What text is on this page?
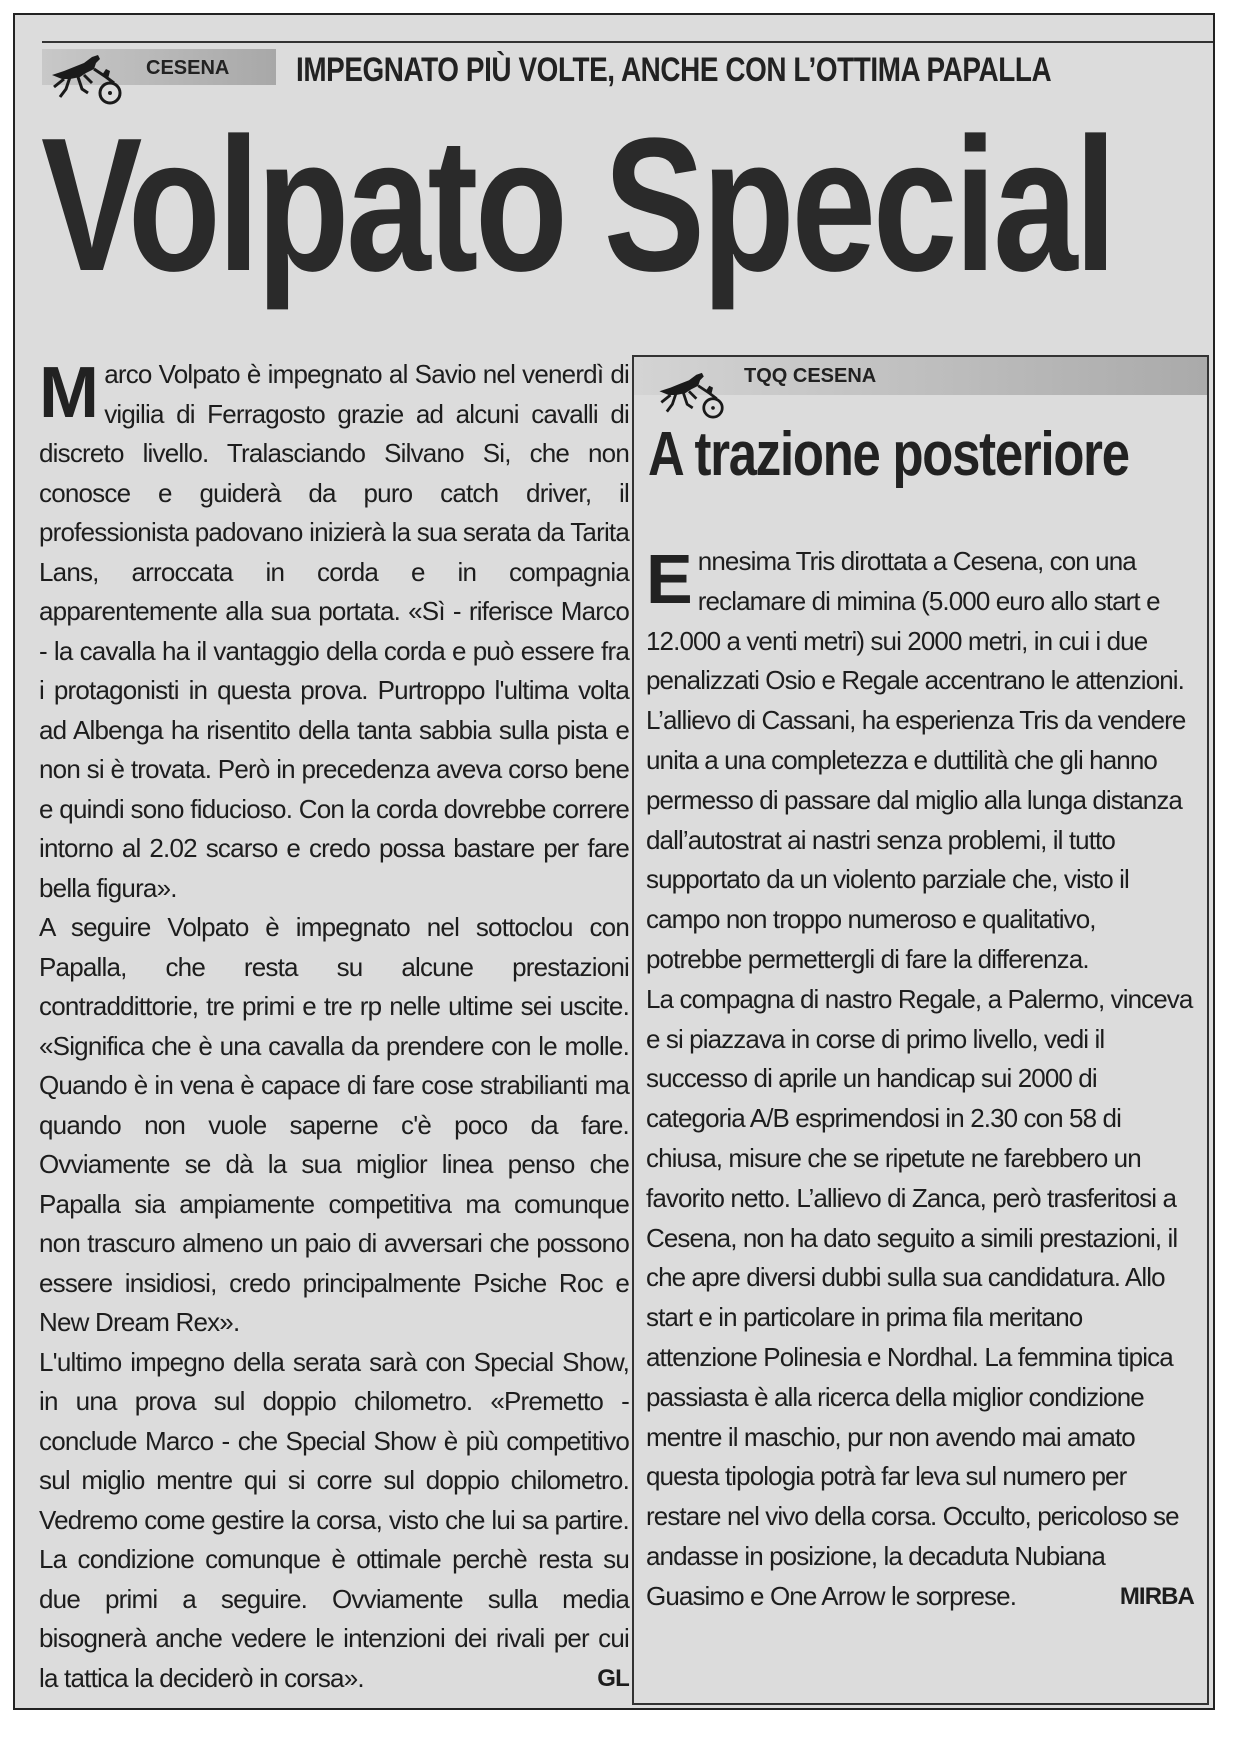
CESENA IMPEGNATO PIÙ VOLTE, ANCHE CON L’OTTIMA PAPALLA
Volpato Special

Marco Volpato è impegnato al Savio nel venerdì di vigilia di Ferragosto grazie ad alcuni cavalli di discreto livello. Tralasciando Silvano Si, che non conosce e guiderà da puro catch driver, il professionista padovano inizierà la sua serata da Tarita Lans, arroccata in corda e in compagnia apparentemente alla sua portata. «Sì - riferisce Marco - la cavalla ha il vantaggio della corda e può essere fra i protagonisti in questa prova. Purtroppo l'ultima volta ad Albenga ha risentito della tanta sabbia sulla pista e non si è trovata. Però in precedenza aveva corso bene e quindi sono fiducioso. Con la corda dovrebbe correre intorno al 2.02 scarso e credo possa bastare per fare bella figura».

A seguire Volpato è impegnato nel sottoclou con Papalla, che resta su alcune prestazioni contraddittorie, tre primi e tre rp nelle ultime sei uscite. «Significa che è una cavalla da prendere con le molle. Quando è in vena è capace di fare cose strabilianti ma quando non vuole saperne c'è poco da fare. Ovviamente se dà la sua miglior linea penso che Papalla sia ampiamente competitiva ma comunque non trascuro almeno un paio di avversari che possono essere insidiosi, credo principalmente Psiche Roc e New Dream Rex».

L'ultimo impegno della serata sarà con Special Show, in una prova sul doppio chilometro. «Premetto - conclude Marco - che Special Show è più competitivo sul miglio mentre qui si corre sul doppio chilometro. Vedremo come gestire la corsa, visto che lui sa partire. La condizione comunque è ottimale perchè resta su due primi a seguire. Ovviamente sulla media bisognerà anche vedere le intenzioni dei rivali per cui la tattica la deciderò in corsa».	GL

TQQ CESENA
A trazione posteriore

Ennesima Tris dirottata a Cesena, con una reclamare di mimina (5.000 euro allo start e 12.000 a venti metri) sui 2000 metri, in cui i due penalizzati Osio e Regale accentrano le attenzioni. L’allievo di Cassani, ha esperienza Tris da vendere unita a una completezza e duttilità che gli hanno permesso di passare dal miglio alla lunga distanza dall’autostrat ai nastri senza problemi, il tutto supportato da un violento parziale che, visto il campo non troppo numeroso e qualitativo, potrebbe permettergli di fare la differenza.

La compagna di nastro Regale, a Palermo, vinceva e si piazzava in corse di primo livello, vedi il successo di aprile un handicap sui 2000 di categoria A/B esprimendosi in 2.30 con 58 di chiusa, misure che se ripetute ne farebbero un favorito netto. L’allievo di Zanca, però trasferitosi a Cesena, non ha dato seguito a simili prestazioni, il che apre diversi dubbi sulla sua candidatura. Allo start e in particolare in prima fila meritano attenzione Polinesia e Nordhal. La femmina tipica passiasta è alla ricerca della miglior condizione mentre il maschio, pur non avendo mai amato questa tipologia potrà far leva sul numero per restare nel vivo della corsa. Occulto, pericoloso se andasse in posizione, la decaduta Nubiana Guasimo e One Arrow le sorprese.	MIRBA
